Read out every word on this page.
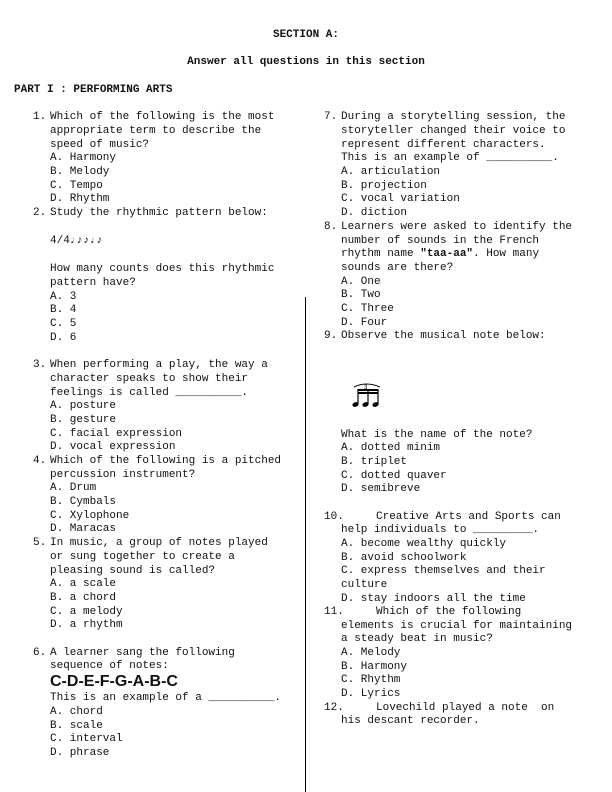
SECTION A:
Answer all questions in this section
PART I : PERFORMING ARTS
1. Which of the following is the most
appropriate term to describe the
speed of music?
A. Harmony
B. Melody
C. Tempo
D. Rhythm
2. Study the rhythmic pattern below:
4/4♩♪♪♩♪
How many counts does this rhythmic
pattern have?
A. 3
B. 4
C. 5
D. 6
3. When performing a play, the way a
character speaks to show their
feelings is called __________.
A. posture
B. gesture
C. facial expression
D. vocal expression
4. Which of the following is a pitched
percussion instrument?
A. Drum
B. Cymbals
C. Xylophone
D. Maracas
5. In music, a group of notes played
or sung together to create a
pleasing sound is called?
A. a scale
B. a chord
C. a melody
D. a rhythm
6. A learner sang the following
sequence of notes:
C-D-E-F-G-A-B-C
This is an example of a __________.
A. chord
B. scale
C. interval
D. phrase
7. During a storytelling session, the
storyteller changed their voice to
represent different characters.
This is an example of __________.
A. articulation
B. projection
C. vocal variation
D. diction
8. Learners were asked to identify the
number of sounds in the French
rhythm name "taa-aa". How many
sounds are there?
A. One
B. Two
C. Three
D. Four
9. Observe the musical note below:
3
What is the name of the note?
A. dotted minim
B. triplet
C. dotted quaver
D. semibreve
10.	Creative Arts and Sports can
help individuals to _________.
A. become wealthy quickly
B. avoid schoolwork
C. express themselves and their
culture
D. stay indoors all the time
11.	Which of the following
elements is crucial for maintaining
a steady beat in music?
A. Melody
B. Harmony
C. Rhythm
D. Lyrics
12.	Lovechild played a note  on
his descant recorder.
